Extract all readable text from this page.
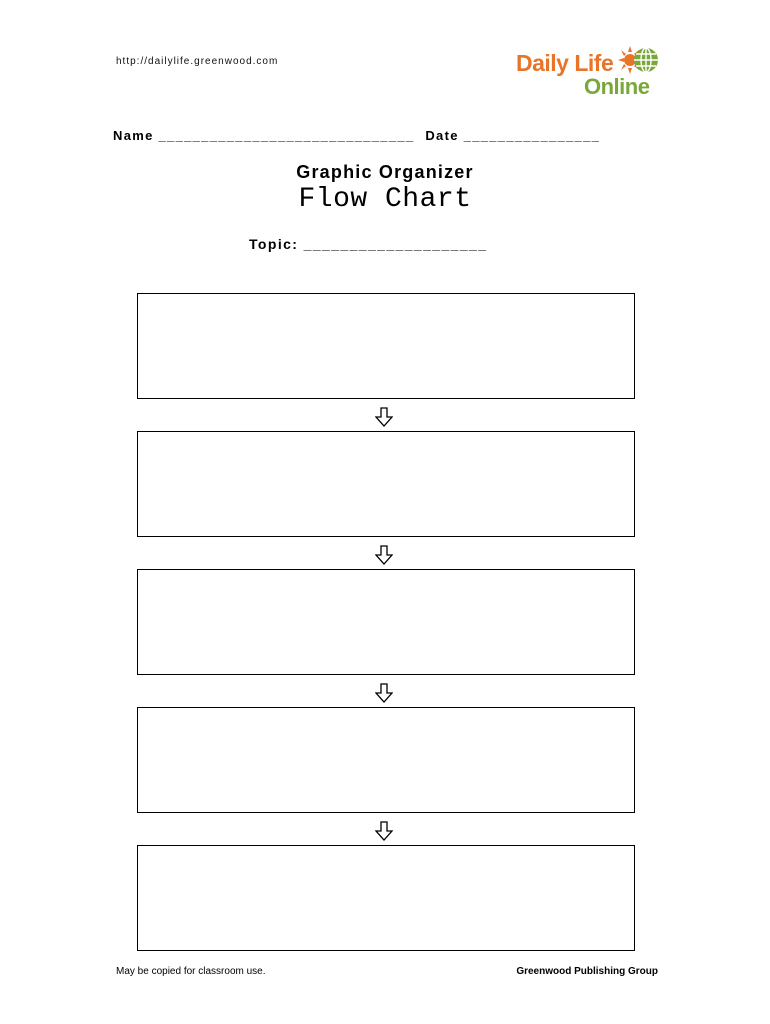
http://dailylife.greenwood.com	Daily Life
Online
Name ______________________________ Date ________________
Graphic Organizer
Flow Chart
Topic: ____________________
May be copied for classroom use.	Greenwood Publishing Group
